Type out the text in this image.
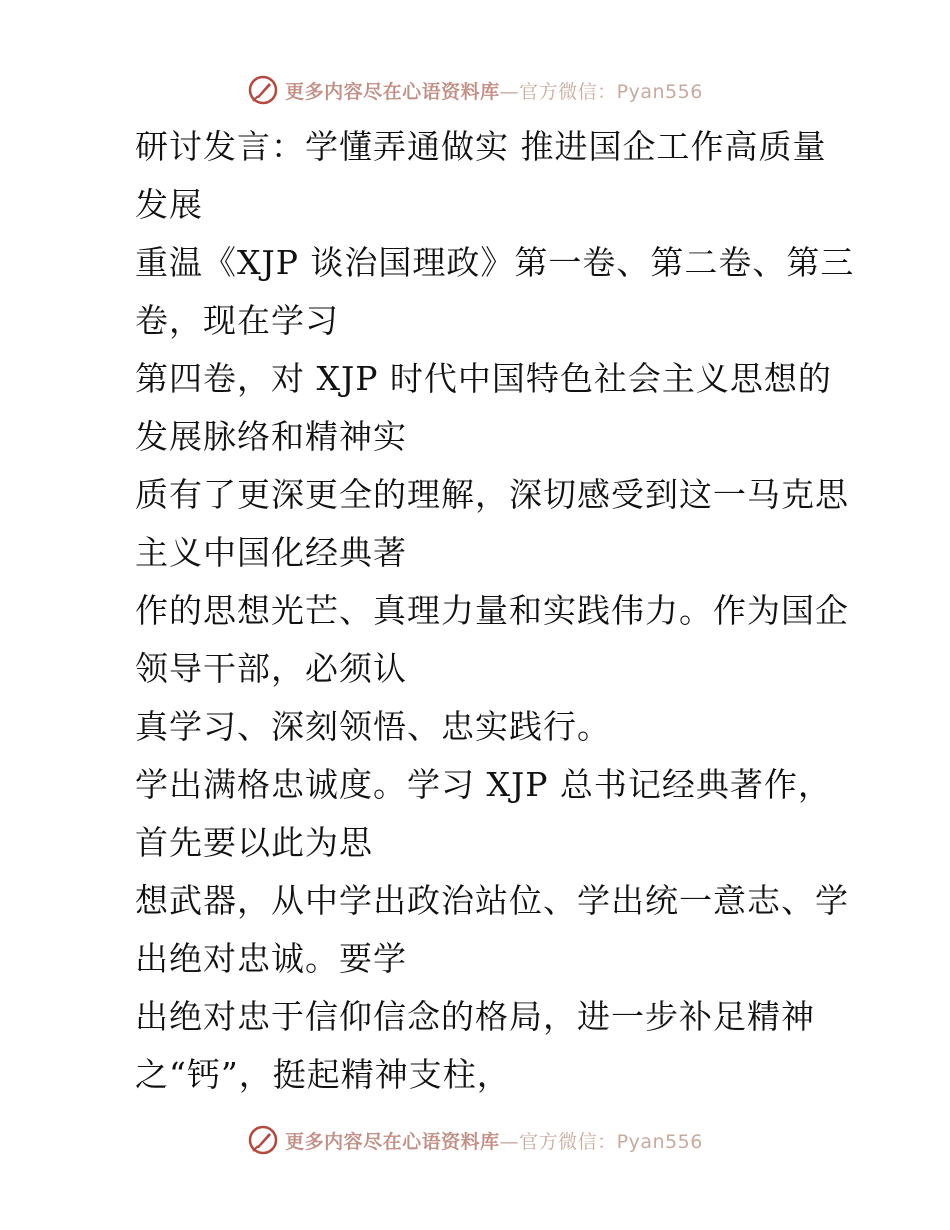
更多内容尽在心语资料库—官方微信：Pyan556

研讨发言：学懂弄通做实 推进国企工作高质量
发展

重温《XJP 谈治国理政》第一卷、第二卷、第三
卷，现在学习

第四卷，对 XJP 时代中国特色社会主义思想的
发展脉络和精神实

质有了更深更全的理解，深切感受到这一马克思
主义中国化经典著

作的思想光芒、真理力量和实践伟力。作为国企
领导干部，必须认

真学习、深刻领悟、忠实践行。

学出满格忠诚度。学习 XJP 总书记经典著作，
首先要以此为思

想武器，从中学出政治站位、学出统一意志、学
出绝对忠诚。要学

出绝对忠于信仰信念的格局，进一步补足精神
之“钙”，挺起精神支柱，

更多内容尽在心语资料库—官方微信：Pyan556
